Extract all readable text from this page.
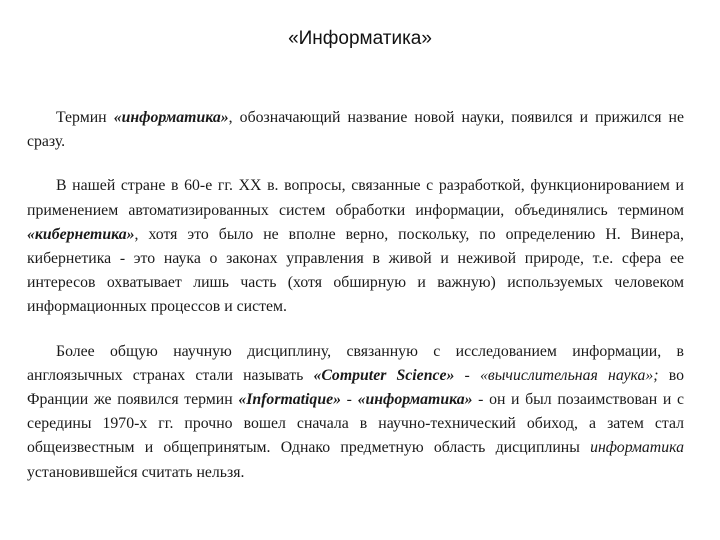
«Информатика»

Термин «информатика», обозначающий название новой науки, появился и прижился не сразу.

В нашей стране в 60-е гг. XX в. вопросы, связанные с разработкой, функционированием и применением автоматизированных систем обработки информации, объединялись термином «кибернетика», хотя это было не вполне верно, поскольку, по определению Н. Винера, кибернетика - это наука о законах управления в живой и неживой природе, т.е. сфера ее интересов охватывает лишь часть (хотя обширную и важную) используемых человеком информационных процессов и систем.

Более общую научную дисциплину, связанную с исследованием информации, в англоязычных странах стали называть «Computer Science» - «вычислительная наука»; во Франции же появился термин «Informatique» - «информатика» - он и был позаимствован и с середины 1970-х гг. прочно вошел сначала в научно-технический обиход, а затем стал общеизвестным и общепринятым. Однако предметную область дисциплины информатика установившейся считать нельзя.
